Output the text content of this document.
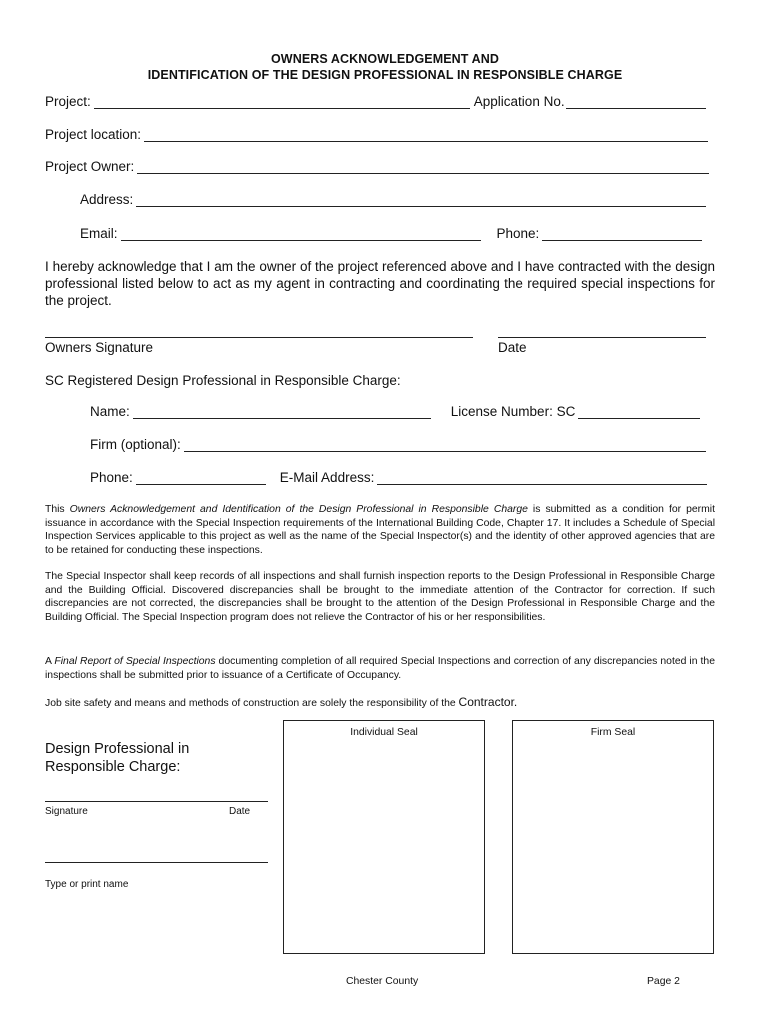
OWNERS ACKNOWLEDGEMENT AND
IDENTIFICATION OF THE DESIGN PROFESSIONAL IN RESPONSIBLE CHARGE
Project:	Application No.
Project location:
Project Owner:
Address:
Email:	Phone:
I hereby acknowledge that I am the owner of the project referenced above and I have contracted with the design professional listed below to act as my agent in contracting and coordinating the required special inspections for the project.
Owners Signature	Date
SC Registered Design Professional in Responsible Charge:
Name:	License Number: SC
Firm (optional):
Phone:	E-Mail Address:
This Owners Acknowledgement and Identification of the Design Professional in Responsible Charge is submitted as a condition for permit issuance in accordance with the Special Inspection requirements of the International Building Code, Chapter 17. It includes a Schedule of Special Inspection Services applicable to this project as well as the name of the Special Inspector(s) and the identity of other approved agencies that are to be retained for conducting these inspections.
The Special Inspector shall keep records of all inspections and shall furnish inspection reports to the Design Professional in Responsible Charge and the Building Official. Discovered discrepancies shall be brought to the immediate attention of the Contractor for correction. If such discrepancies are not corrected, the discrepancies shall be brought to the attention of the Design Professional in Responsible Charge and the Building Official. The Special Inspection program does not relieve the Contractor of his or her responsibilities.
A Final Report of Special Inspections documenting completion of all required Special Inspections and correction of any discrepancies noted in the inspections shall be submitted prior to issuance of a Certificate of Occupancy.
Job site safety and means and methods of construction are solely the responsibility of the Contractor.
Individual Seal	Firm Seal
Design Professional in
Responsible Charge:
Signature	Date
Type or print name
Chester County	Page 2
